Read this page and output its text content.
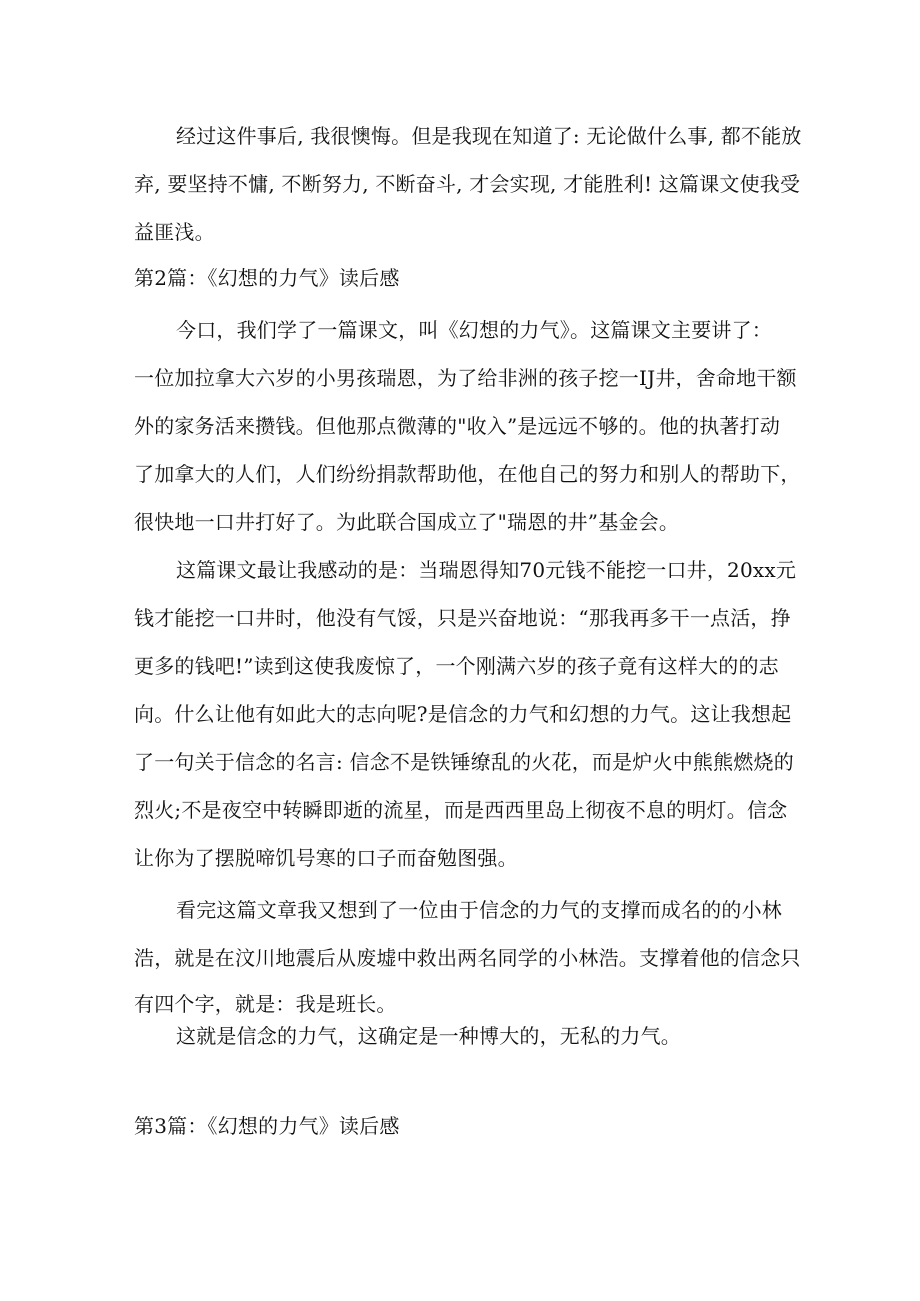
经过这件事后, 我很懊悔。但是我现在知道了: 无论做什么事, 都不能放
弃, 要坚持不慵, 不断努力, 不断奋斗, 才会实现, 才能胜利! 这篇课文使我受
益匪浅。
第2篇：《幻想的力气》读后感
今口，我们学了一篇课文，叫《幻想的力气》。这篇课文主要讲了：
一位加拉拿大六岁的小男孩瑞恩，为了给非洲的孩子挖一IJ井，舍命地干额
外的家务活来攒钱。但他那点微薄的"收入”是远远不够的。他的执著打动
了加拿大的人们，人们纷纷捐款帮助他，在他自己的努力和别人的帮助下，
很快地一口井打好了。为此联合国成立了"瑞恩的井”基金会。
这篇课文最让我感动的是：当瑞恩得知70元钱不能挖一口井，20xx元
钱才能挖一口井时，他没有气馁，只是兴奋地说：“那我再多干一点活，挣
更多的钱吧!”读到这使我废惊了，一个刚满六岁的孩子竟有这样大的的志
向。什么让他有如此大的志向呢?是信念的力气和幻想的力气。这让我想起
了一句关于信念的名言: 信念不是铁锤缭乱的火花，而是炉火中熊熊燃烧的
烈火;不是夜空中转瞬即逝的流星，而是西西里岛上彻夜不息的明灯。信念
让你为了摆脱啼饥号寒的口子而奋勉图强。
看完这篇文章我又想到了一位由于信念的力气的支撑而成名的的小林
浩，就是在汶川地震后从废墟中救出两名同学的小林浩。支撑着他的信念只
有四个字，就是：我是班长。
这就是信念的力气，这确定是一种博大的，无私的力气。
第3篇：《幻想的力气》读后感
